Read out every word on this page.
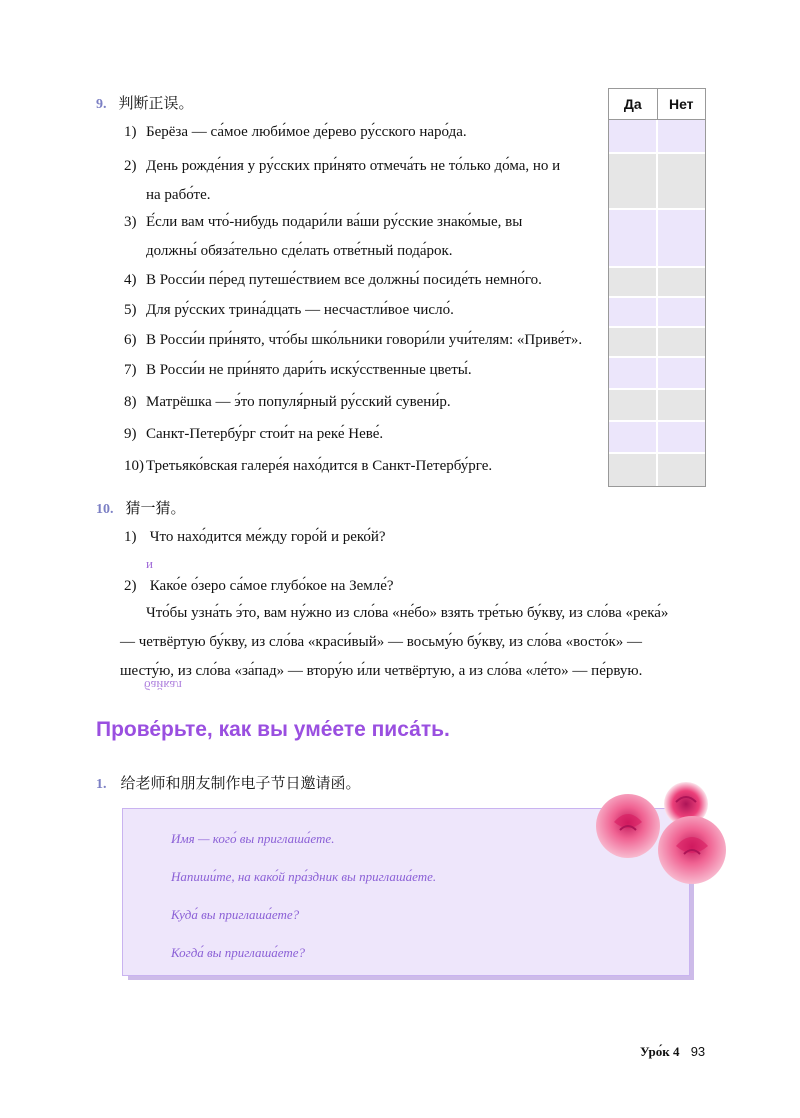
9. 判断正误。
1) Берёза — са́мое люби́мое де́рево ру́сского наро́да.
2) День рожде́ния у ру́сских при́нято отмеча́ть не то́лько до́ма, но и
на рабо́те.
3) Е́сли вам что́-нибудь подари́ли ва́ши ру́сские знако́мые, вы
должны́ обяза́тельно сде́лать отве́тный пода́рок.
4) В Росси́и пе́ред путеше́ствием все должны́ посиде́ть немно́го.
5) Для ру́сских трина́дцать — несчастли́вое число́.
6) В Росси́и при́нято, что́бы шко́льники говори́ли учи́телям: «Приве́т».
7) В Росси́и не при́нято дари́ть иску́сственные цветы́.
8) Матрёшка — э́то популя́рный ру́сский сувени́р.
9) Санкт-Петербу́рг стои́т на реке́ Неве́.
10) Третьяко́вская галере́я нахо́дится в Санкт-Петербу́рге.
Да	Нет
10. 猜一猜。
1) Что нахо́дится ме́жду горо́й и реко́й?
и
2) Како́е о́зеро са́мое глубо́кое на Земле́?
Что́бы узна́ть э́то, вам ну́жно из сло́ва «не́бо» взять тре́тью бу́кву, из сло́ва «река́»
— четвёртую бу́кву, из сло́ва «краси́вый» — восьму́ю бу́кву, из сло́ва «восто́к» —
шесту́ю, из сло́ва «за́пад» — втору́ю и́ли четвёртую, а из сло́ва «ле́то» — пе́рвую.
байкал
Прове́рьте, как вы уме́ете писа́ть.
1. 给老师和朋友制作电子节日邀请函。
Имя — кого́ вы приглаша́ете.
Напиши́те, на како́й пра́здник вы приглаша́ете.
Куда́ вы приглаша́ете?
Когда́ вы приглаша́ете?
Уро́к 4 93
